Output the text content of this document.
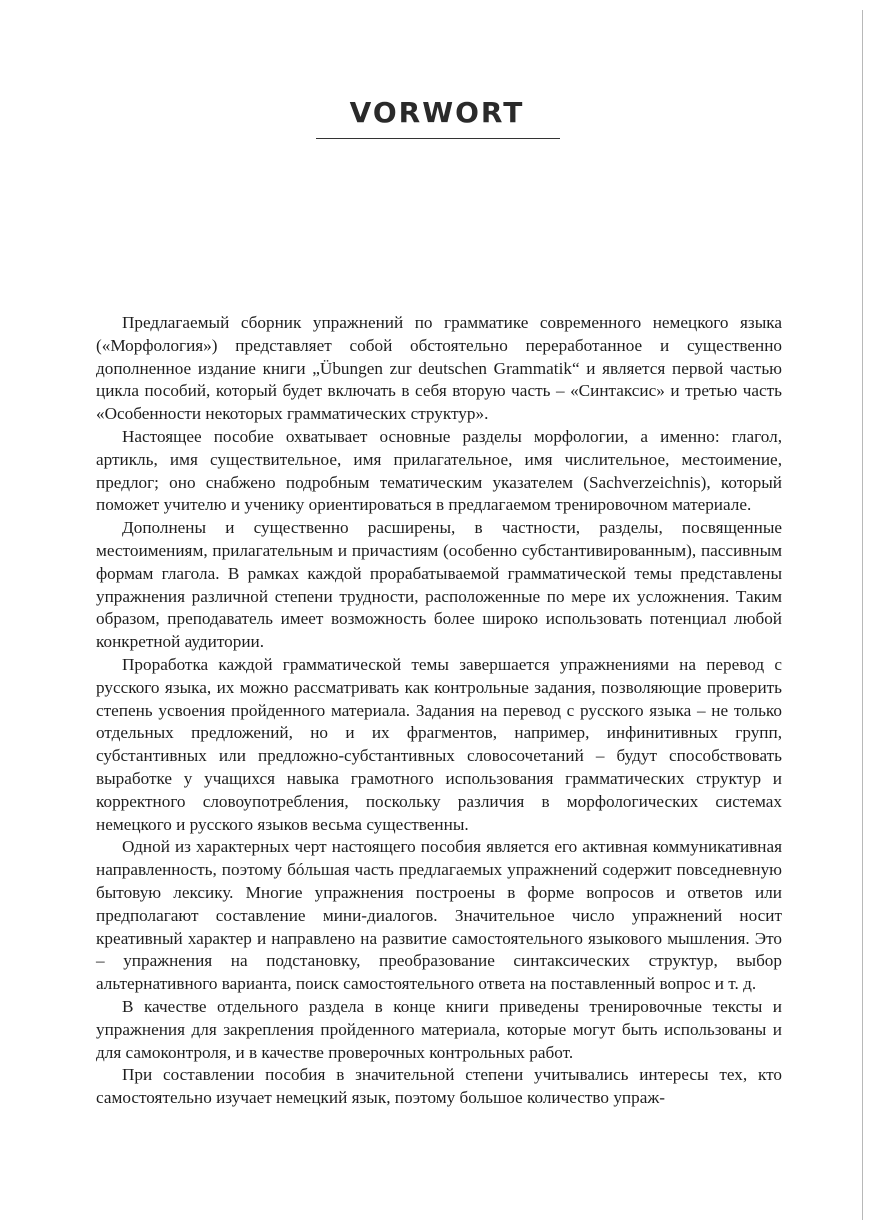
VORWORT

Предлагаемый сборник упражнений по грамматике современного немецкого языка («Морфология») представляет собой обстоятельно переработанное и существенно дополненное издание книги „Übungen zur deutschen Grammatik“ и является первой частью цикла пособий, который будет включать в себя вторую часть – «Синтаксис» и третью часть «Особенности некоторых грамматических структур».

Настоящее пособие охватывает основные разделы морфологии, а именно: глагол, артикль, имя существительное, имя прилагательное, имя числительное, местоимение, предлог; оно снабжено подробным тематическим указателем (Sachverzeichnis), который поможет учителю и ученику ориентироваться в предлагаемом тренировочном материале.

Дополнены и существенно расширены, в частности, разделы, посвященные местоимениям, прилагательным и причастиям (особенно субстантивированным), пассивным формам глагола. В рамках каждой прорабатываемой грамматической темы представлены упражнения различной степени трудности, расположенные по мере их усложнения. Таким образом, преподаватель имеет возможность более широко использовать потенциал любой конкретной аудитории.

Проработка каждой грамматической темы завершается упражнениями на перевод с русского языка, их можно рассматривать как контрольные задания, позволяющие проверить степень усвоения пройденного материала. Задания на перевод с русского языка – не только отдельных предложений, но и их фрагментов, например, инфинитивных групп, субстантивных или предложно-субстантивных словосочетаний – будут способствовать выработке у учащихся навыка грамотного использования грамматических структур и корректного словоупотребления, поскольку различия в морфологических системах немецкого и русского языков весьма существенны.

Одной из характерных черт настоящего пособия является его активная коммуникативная направленность, поэтому бóльшая часть предлагаемых упражнений содержит повседневную бытовую лексику. Многие упражнения построены в форме вопросов и ответов или предполагают составление мини-диалогов. Значительное число упражнений носит креативный характер и направлено на развитие самостоятельного языкового мышления. Это – упражнения на подстановку, преобразование синтаксических структур, выбор альтернативного варианта, поиск самостоятельного ответа на поставленный вопрос и т. д.

В качестве отдельного раздела в конце книги приведены тренировочные тексты и упражнения для закрепления пройденного материала, которые могут быть использованы и для самоконтроля, и в качестве проверочных контрольных работ.

При составлении пособия в значительной степени учитывались интересы тех, кто самостоятельно изучает немецкий язык, поэтому большое количество упраж-
